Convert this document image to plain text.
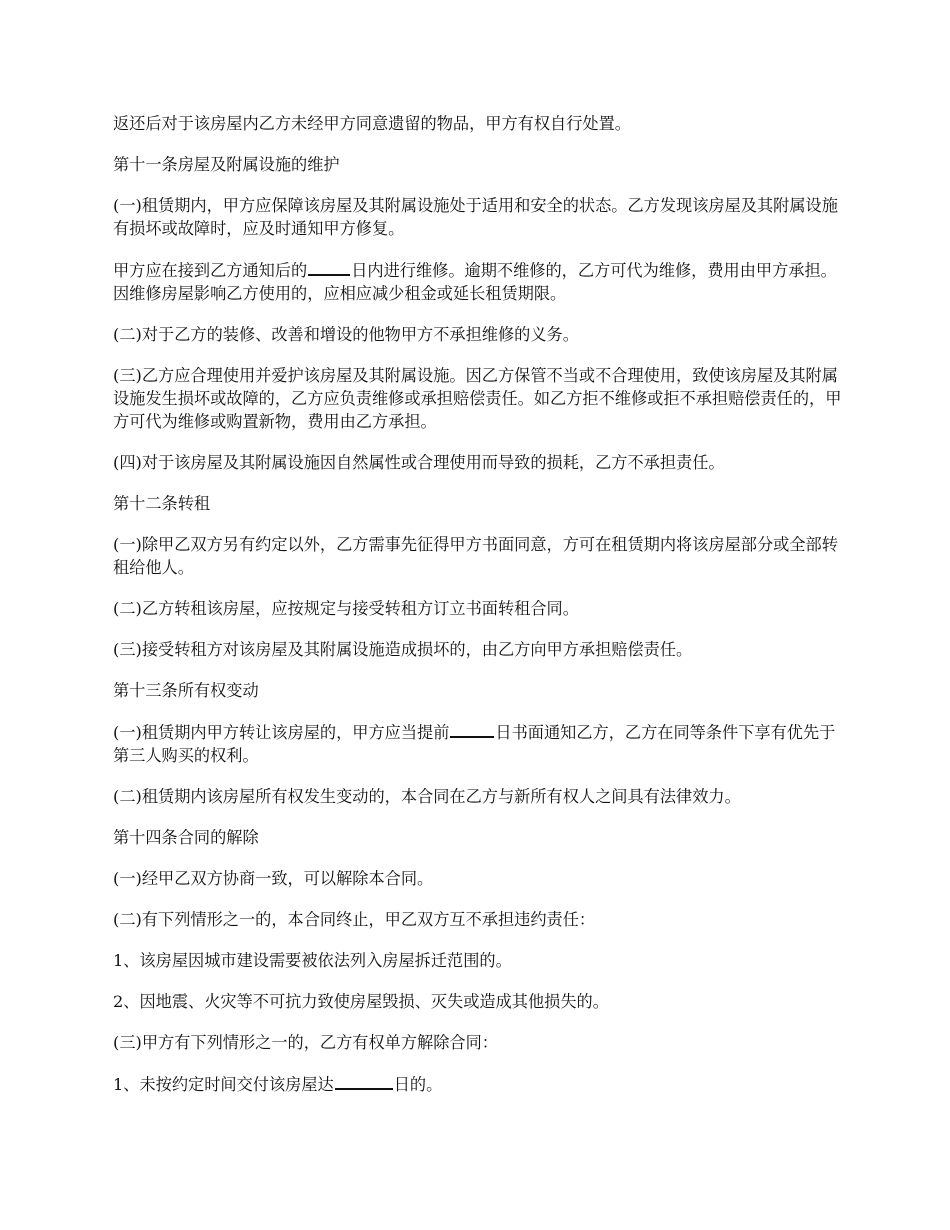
返还后对于该房屋内乙方未经甲方同意遗留的物品，甲方有权自行处置。

第十一条房屋及附属设施的维护

(一)租赁期内，甲方应保障该房屋及其附属设施处于适用和安全的状态。乙方发现该房屋及其附属设施有损坏或故障时，应及时通知甲方修复。

甲方应在接到乙方通知后的	日内进行维修。逾期不维修的，乙方可代为维修，费用由甲方承担。因维修房屋影响乙方使用的，应相应减少租金或延长租赁期限。

(二)对于乙方的装修、改善和增设的他物甲方不承担维修的义务。

(三)乙方应合理使用并爱护该房屋及其附属设施。因乙方保管不当或不合理使用，致使该房屋及其附属设施发生损坏或故障的，乙方应负责维修或承担赔偿责任。如乙方拒不维修或拒不承担赔偿责任的，甲方可代为维修或购置新物，费用由乙方承担。

(四)对于该房屋及其附属设施因自然属性或合理使用而导致的损耗，乙方不承担责任。

第十二条转租

(一)除甲乙双方另有约定以外，乙方需事先征得甲方书面同意，方可在租赁期内将该房屋部分或全部转租给他人。

(二)乙方转租该房屋，应按规定与接受转租方订立书面转租合同。

(三)接受转租方对该房屋及其附属设施造成损坏的，由乙方向甲方承担赔偿责任。

第十三条所有权变动

(一)租赁期内甲方转让该房屋的，甲方应当提前	日书面通知乙方，乙方在同等条件下享有优先于第三人购买的权利。

(二)租赁期内该房屋所有权发生变动的，本合同在乙方与新所有权人之间具有法律效力。

第十四条合同的解除

(一)经甲乙双方协商一致，可以解除本合同。

(二)有下列情形之一的，本合同终止，甲乙双方互不承担违约责任：

1、该房屋因城市建设需要被依法列入房屋拆迁范围的。

2、因地震、火灾等不可抗力致使房屋毁损、灭失或造成其他损失的。

(三)甲方有下列情形之一的，乙方有权单方解除合同：

1、未按约定时间交付该房屋达	日的。
